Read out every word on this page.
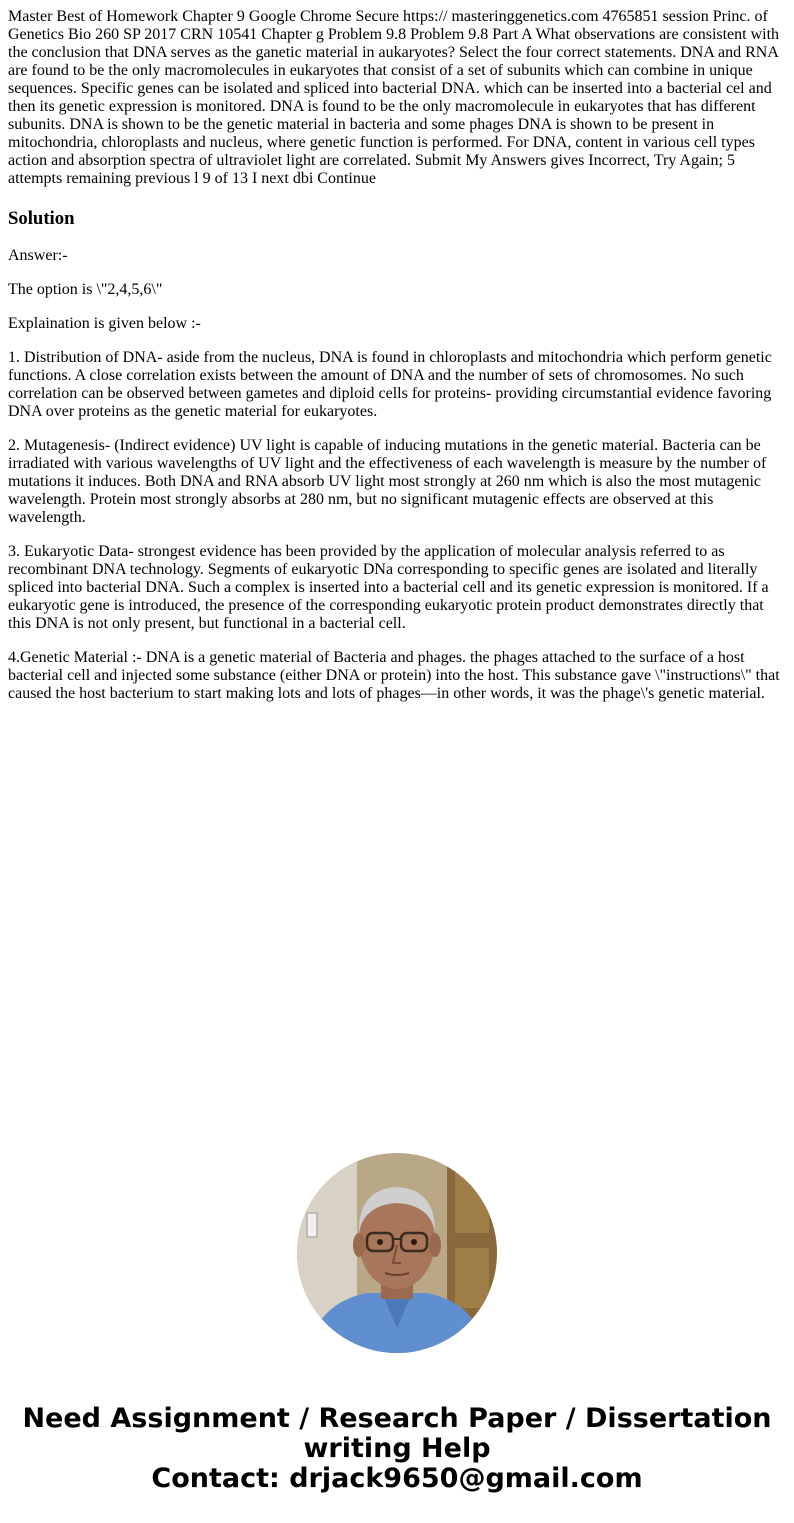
Master Best of Homework Chapter 9 Google Chrome Secure https:// masteringgenetics.com 4765851 session Princ. of Genetics Bio 260 SP 2017 CRN 10541 Chapter g Problem 9.8 Problem 9.8 Part A What observations are consistent with the conclusion that DNA serves as the ganetic material in aukaryotes? Select the four correct statements. DNA and RNA are found to be the only macromolecules in eukaryotes that consist of a set of subunits which can combine in unique sequences. Specific genes can be isolated and spliced into bacterial DNA. which can be inserted into a bacterial cel and then its genetic expression is monitored. DNA is found to be the only macromolecule in eukaryotes that has different subunits. DNA is shown to be the genetic material in bacteria and some phages DNA is shown to be present in mitochondria, chloroplasts and nucleus, where genetic function is performed. For DNA, content in various cell types action and absorption spectra of ultraviolet light are correlated. Submit My Answers gives Incorrect, Try Again; 5 attempts remaining previous l 9 of 13 I next dbi Continue
Solution

Answer:-

The option is \"2,4,5,6\"

Explaination is given below :-

1. Distribution of DNA- aside from the nucleus, DNA is found in chloroplasts and mitochondria which perform genetic functions. A close correlation exists between the amount of DNA and the number of sets of chromosomes. No such correlation can be observed between gametes and diploid cells for proteins- providing circumstantial evidence favoring DNA over proteins as the genetic material for eukaryotes.

2. Mutagenesis- (Indirect evidence) UV light is capable of inducing mutations in the genetic material. Bacteria can be irradiated with various wavelengths of UV light and the effectiveness of each wavelength is measure by the number of mutations it induces. Both DNA and RNA absorb UV light most strongly at 260 nm which is also the most mutagenic wavelength. Protein most strongly absorbs at 280 nm, but no significant mutagenic effects are observed at this wavelength.

3. Eukaryotic Data- strongest evidence has been provided by the application of molecular analysis referred to as recombinant DNA technology. Segments of eukaryotic DNa corresponding to specific genes are isolated and literally spliced into bacterial DNA. Such a complex is inserted into a bacterial cell and its genetic expression is monitored. If a eukaryotic gene is introduced, the presence of the corresponding eukaryotic protein product demonstrates directly that this DNA is not only present, but functional in a bacterial cell.

4.Genetic Material :- DNA is a genetic material of Bacteria and phages. the phages attached to the surface of a host bacterial cell and injected some substance (either DNA or protein) into the host. This substance gave \"instructions\" that caused the host bacterium to start making lots and lots of phages—in other words, it was the phage\'s genetic material.

Need Assignment / Research Paper / Dissertation
writing Help
Contact: drjack9650@gmail.com
